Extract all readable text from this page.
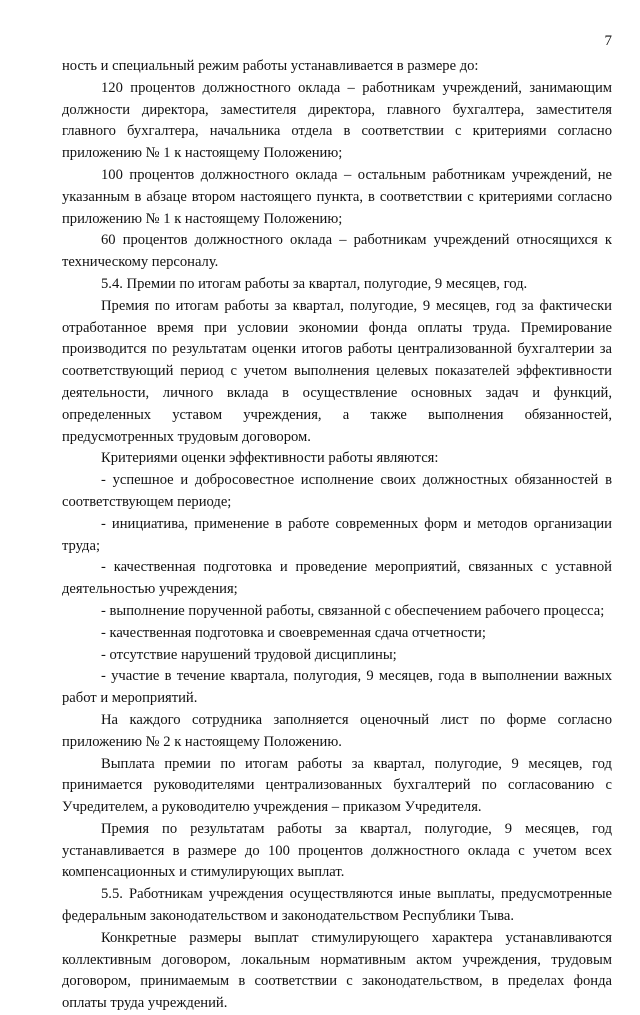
7

ность и специальный режим работы устанавливается в размере до:

120 процентов должностного оклада – работникам учреждений, занимающим должности директора, заместителя директора, главного бухгалтера, заместителя главного бухгалтера, начальника отдела в соответствии с критериями согласно приложению № 1 к настоящему Положению;

100 процентов должностного оклада – остальным работникам учреждений, не указанным в абзаце втором настоящего пункта, в соответствии с критериями согласно приложению № 1 к настоящему Положению;

60 процентов должностного оклада – работникам учреждений относящихся к техническому персоналу.

5.4. Премии по итогам работы за квартал, полугодие, 9 месяцев, год.

Премия по итогам работы за квартал, полугодие, 9 месяцев, год за фактически отработанное время при условии экономии фонда оплаты труда. Премирование производится по результатам оценки итогов работы централизованной бухгалтерии за соответствующий период с учетом выполнения целевых показателей эффективности деятельности, личного вклада в осуществление основных задач и функций, определенных уставом учреждения, а также выполнения обязанностей, предусмотренных трудовым договором.

Критериями оценки эффективности работы являются:

- успешное и добросовестное исполнение своих должностных обязанностей в соответствующем периоде;

- инициатива, применение в работе современных форм и методов организации труда;

- качественная подготовка и проведение мероприятий, связанных с уставной деятельностью учреждения;

- выполнение порученной работы, связанной с обеспечением рабочего процесса;

- качественная подготовка и своевременная сдача отчетности;

- отсутствие нарушений трудовой дисциплины;

- участие в течение квартала, полугодия, 9 месяцев, года в выполнении важных работ и мероприятий.

На каждого сотрудника заполняется оценочный лист по форме согласно приложению № 2 к настоящему Положению.

Выплата премии по итогам работы за квартал, полугодие, 9 месяцев, год принимается руководителями централизованных бухгалтерий по согласованию с Учредителем, а руководителю учреждения – приказом Учредителя.

Премия по результатам работы за квартал, полугодие, 9 месяцев, год устанавливается в размере до 100 процентов должностного оклада с учетом всех компенсационных и стимулирующих выплат.

5.5. Работникам учреждения осуществляются иные выплаты, предусмотренные федеральным законодательством и законодательством Республики Тыва.

Конкретные размеры выплат стимулирующего характера устанавливаются коллективным договором, локальным нормативным актом учреждения, трудовым договором, принимаемым в соответствии с законодательством, в пределах фонда оплаты труда учреждений.
